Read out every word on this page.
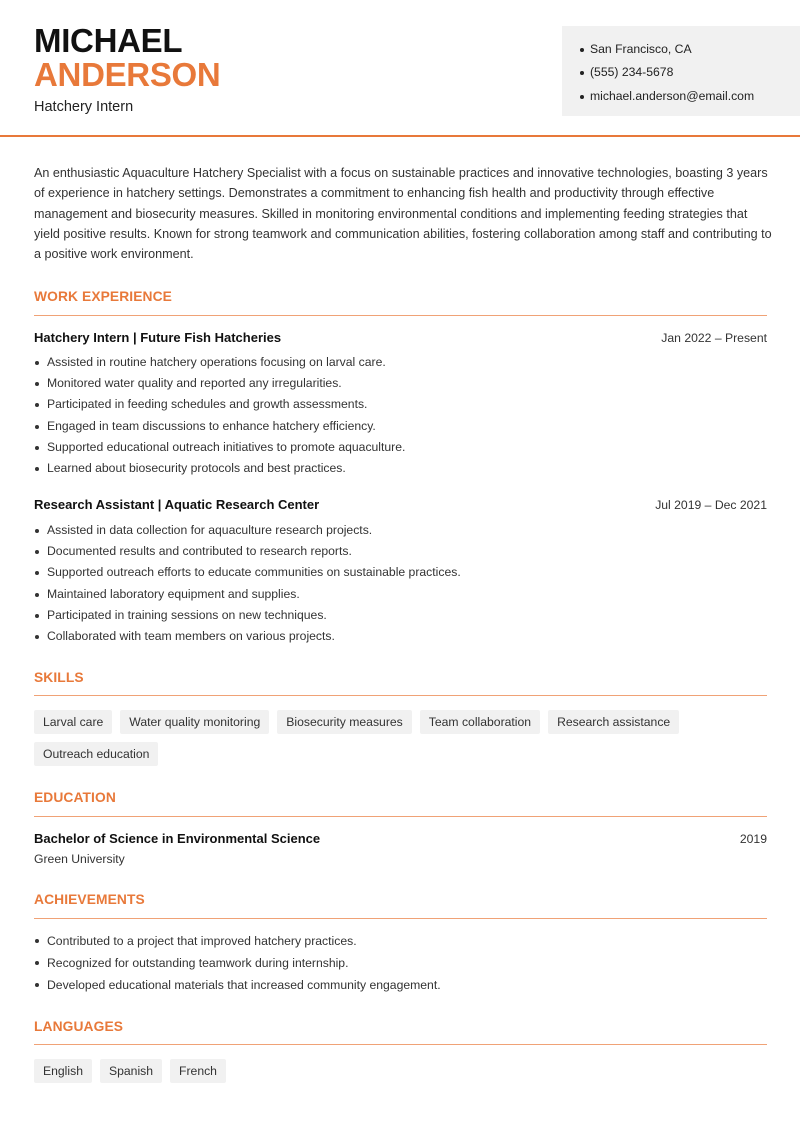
MICHAEL
ANDERSON
Hatchery Intern
San Francisco, CA
(555) 234-5678
michael.anderson@email.com

An enthusiastic Aquaculture Hatchery Specialist with a focus on sustainable practices and innovative technologies, boasting 3 years of experience in hatchery settings. Demonstrates a commitment to enhancing fish health and productivity through effective management and biosecurity measures. Skilled in monitoring environmental conditions and implementing feeding strategies that yield positive results. Known for strong teamwork and communication abilities, fostering collaboration among staff and contributing to a positive work environment.

WORK EXPERIENCE
Hatchery Intern | Future Fish Hatcheries	Jan 2022 – Present
Assisted in routine hatchery operations focusing on larval care.
Monitored water quality and reported any irregularities.
Participated in feeding schedules and growth assessments.
Engaged in team discussions to enhance hatchery efficiency.
Supported educational outreach initiatives to promote aquaculture.
Learned about biosecurity protocols and best practices.
Research Assistant | Aquatic Research Center	Jul 2019 – Dec 2021
Assisted in data collection for aquaculture research projects.
Documented results and contributed to research reports.
Supported outreach efforts to educate communities on sustainable practices.
Maintained laboratory equipment and supplies.
Participated in training sessions on new techniques.
Collaborated with team members on various projects.
SKILLS
Larval care	Water quality monitoring	Biosecurity measures	Team collaboration	Research assistance
Outreach education
EDUCATION
Bachelor of Science in Environmental Science	2019
Green University
ACHIEVEMENTS
Contributed to a project that improved hatchery practices.
Recognized for outstanding teamwork during internship.
Developed educational materials that increased community engagement.
LANGUAGES
English	Spanish	French
